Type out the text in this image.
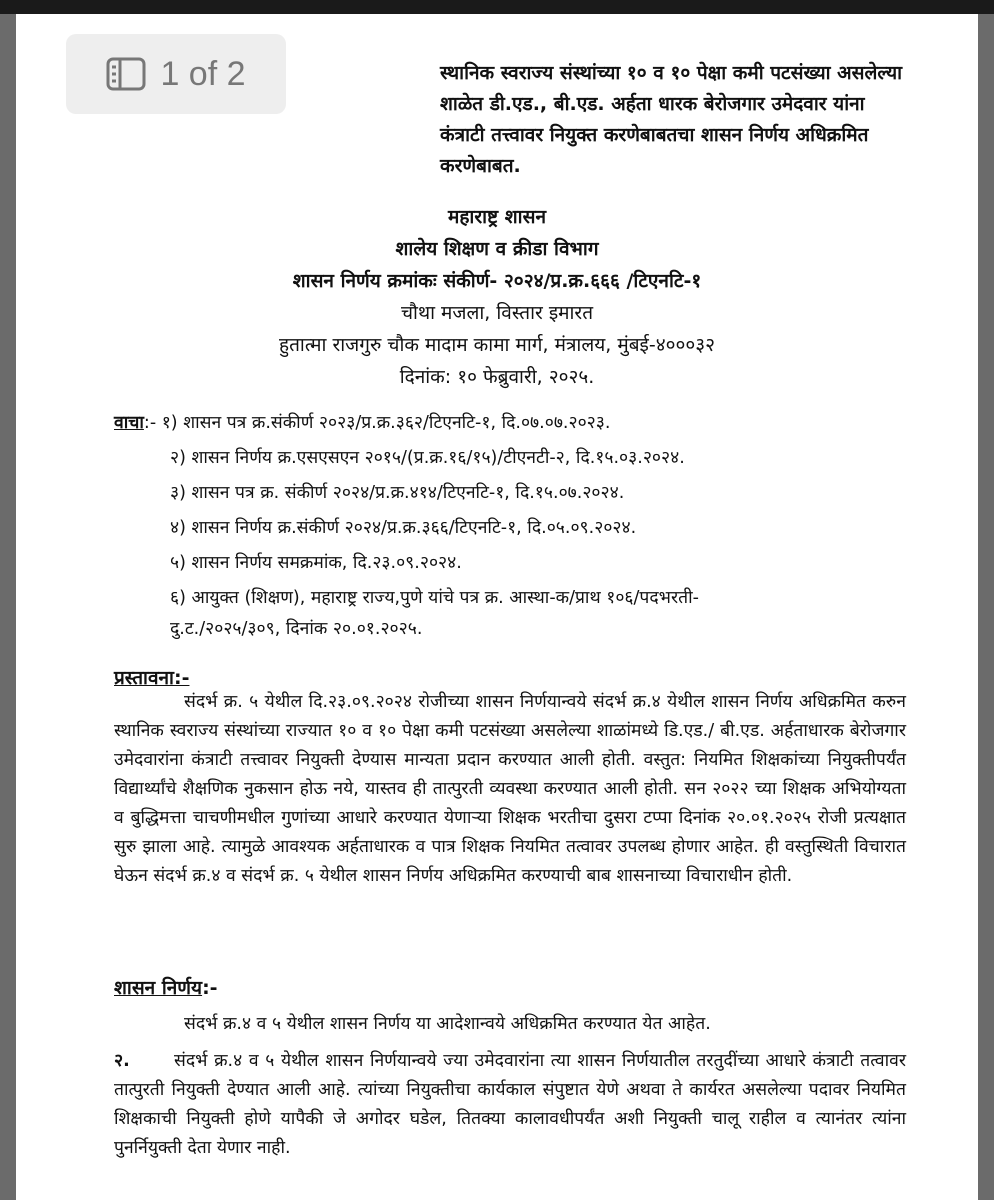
1 of 2	स्थानिक स्वराज्य संस्थांच्या १० व १० पेक्षा कमी पटसंख्या असलेल्या शाळेत डी.एड., बी.एड. अर्हता धारक बेरोजगार उमेदवार यांना कंत्राटी तत्त्वावर नियुक्त करणेबाबतचा शासन निर्णय अधिक्रमित करणेबाबत.

महाराष्ट्र शासन

शालेय शिक्षण व क्रीडा विभाग

शासन निर्णय क्रमांकः संकीर्ण- २०२४/प्र.क्र.६६६ /टिएनटि-१

चौथा मजला, विस्तार इमारत

हुतात्मा राजगुरु चौक मादाम कामा मार्ग, मंत्रालय, मुंबई-४०००३२

दिनांक: १० फेब्रुवारी, २०२५.

वाचा:- १) शासन पत्र क्र.संकीर्ण २०२३/प्र.क्र.३६२/टिएनटि-१, दि.०७.०७.२०२३.
२) शासन निर्णय क्र.एसएसएन २०१५/(प्र.क्र.१६/१५)/टीएनटी-२, दि.१५.०३.२०२४.
३) शासन पत्र क्र. संकीर्ण २०२४/प्र.क्र.४१४/टिएनटि-१, दि.१५.०७.२०२४.
४) शासन निर्णय क्र.संकीर्ण २०२४/प्र.क्र.३६६/टिएनटि-१, दि.०५.०९.२०२४.
५) शासन निर्णय समक्रमांक, दि.२३.०९.२०२४.
६) आयुक्त (शिक्षण), महाराष्ट्र राज्य,पुणे यांचे पत्र क्र. आस्था-क/प्राथ १०६/पदभरती-
दु.ट./२०२५/३०९, दिनांक २०.०१.२०२५.
प्रस्तावना:-

संदर्भ क्र. ५ येथील दि.२३.०९.२०२४ रोजीच्या शासन निर्णयान्वये संदर्भ क्र.४ येथील शासन निर्णय अधिक्रमित करुन स्थानिक स्वराज्य संस्थांच्या राज्यात १० व १० पेक्षा कमी पटसंख्या असलेल्या शाळांमध्ये डि.एड./ बी.एड. अर्हताधारक बेरोजगार उमेदवारांना कंत्राटी तत्त्वावर नियुक्ती देण्यास मान्यता प्रदान करण्यात आली होती. वस्तुत: नियमित शिक्षकांच्या नियुक्तीपर्यंत विद्यार्थ्यांचे शैक्षणिक नुकसान होऊ नये, यास्तव ही तात्पुरती व्यवस्था करण्यात आली होती. सन २०२२ च्या शिक्षक अभियोग्यता व बुद्धिमत्ता चाचणीमधील गुणांच्या आधारे करण्यात येणाऱ्या शिक्षक भरतीचा दुसरा टप्पा दिनांक २०.०१.२०२५ रोजी प्रत्यक्षात सुरु झाला आहे. त्यामुळे आवश्यक अर्हताधारक व पात्र शिक्षक नियमित तत्वावर उपलब्ध होणार आहेत. ही वस्तुस्थिती विचारात घेऊन संदर्भ क्र.४ व संदर्भ क्र. ५ येथील शासन निर्णय अधिक्रमित करण्याची बाब शासनाच्या विचाराधीन होती.

शासन निर्णय:-

संदर्भ क्र.४ व ५ येथील शासन निर्णय या आदेशान्वये अधिक्रमित करण्यात येत आहेत.

२.	संदर्भ क्र.४ व ५ येथील शासन निर्णयान्वये ज्या उमेदवारांना त्या शासन निर्णयातील तरतुदींच्या आधारे कंत्राटी तत्वावर तात्पुरती नियुक्ती देण्यात आली आहे. त्यांच्या नियुक्तीचा कार्यकाल संपुष्टात येणे अथवा ते कार्यरत असलेल्या पदावर नियमित शिक्षकाची नियुक्ती होणे यापैकी जे अगोदर घडेल, तितक्या कालावधीपर्यंत अशी नियुक्ती चालू राहील व त्यानंतर त्यांना पुनर्नियुक्ती देता येणार नाही.
